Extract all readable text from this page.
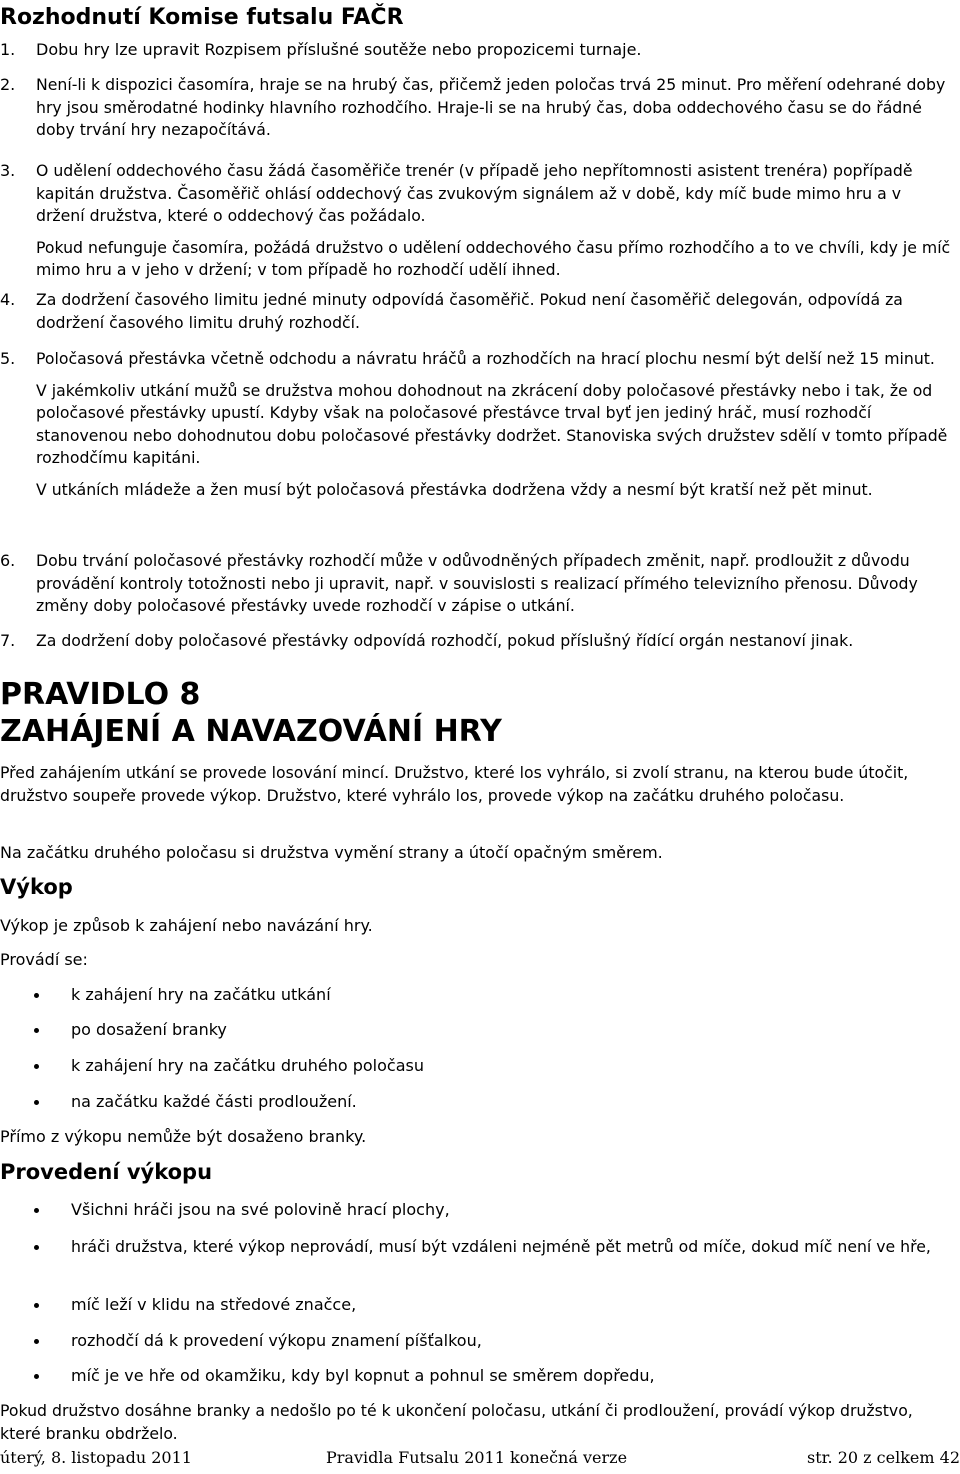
Rozhodnutí Komise futsalu FAČR
1. Dobu hry lze upravit Rozpisem příslušné soutěže nebo propozicemi turnaje.
2. Není-li k dispozici časomíra, hraje se na hrubý čas, přičemž jeden poločas trvá 25 minut. Pro měření odehrané doby hry jsou směrodatné hodinky hlavního rozhodčího. Hraje-li se na hrubý čas, doba oddechového času se do řádné doby trvání hry nezapočítává.
3. O udělení oddechového času žádá časoměřiče trenér (v případě jeho nepřítomnosti asistent trenéra) popřípadě kapitán družstva. Časoměřič ohlásí oddechový čas zvukovým signálem až v době, kdy míč bude mimo hru a v držení družstva, které o oddechový čas požádalo.
Pokud nefunguje časomíra, požádá družstvo o udělení oddechového času přímo rozhodčího a to ve chvíli, kdy je míč mimo hru a v jeho v držení; v tom případě ho rozhodčí udělí ihned.
4. Za dodržení časového limitu jedné minuty odpovídá časoměřič. Pokud není časoměřič delegován, odpovídá za dodržení časového limitu druhý rozhodčí.
5. Poločasová přestávka včetně odchodu a návratu hráčů a rozhodčích na hrací plochu nesmí být delší než 15 minut.
V jakémkoliv utkání mužů se družstva mohou dohodnout na zkrácení doby poločasové přestávky nebo i tak, že od poločasové přestávky upustí. Kdyby však na poločasové přestávce trval byť jen jediný hráč, musí rozhodčí stanovenou nebo dohodnutou dobu poločasové přestávky dodržet. Stanoviska svých družstev sdělí v tomto případě rozhodčímu kapitáni.
V utkáních mládeže a žen musí být poločasová přestávka dodržena vždy a nesmí být kratší než pět minut.
6. Dobu trvání poločasové přestávky rozhodčí může v odůvodněných případech změnit, např. prodloužit z důvodu provádění kontroly totožnosti nebo ji upravit, např. v souvislosti s realizací přímého televizního přenosu. Důvody změny doby poločasové přestávky uvede rozhodčí v zápise o utkání.
7. Za dodržení doby poločasové přestávky odpovídá rozhodčí, pokud příslušný řídící orgán nestanoví jinak.
PRAVIDLO 8
ZAHÁJENÍ A NAVAZOVÁNÍ HRY
Před zahájením utkání se provede losování mincí. Družstvo, které los vyhrálo, si zvolí stranu, na kterou bude útočit, družstvo soupeře provede výkop. Družstvo, které vyhrálo los, provede výkop na začátku druhého poločasu.
Na začátku druhého poločasu si družstva vymění strany a útočí opačným směrem.
Výkop
Výkop je způsob k zahájení nebo navázání hry.
Provádí se:
k zahájení hry na začátku utkání
po dosažení branky
k zahájení hry na začátku druhého poločasu
na začátku každé části prodloužení.
Přímo z výkopu nemůže být dosaženo branky.
Provedení výkopu
Všichni hráči jsou na své polovině hrací plochy,
hráči družstva, které výkop neprovádí, musí být vzdáleni nejméně pět metrů od míče, dokud míč není ve hře,
míč leží v klidu na středové značce,
rozhodčí dá k provedení výkopu znamení píšťalkou,
míč je ve hře od okamžiku, kdy byl kopnut a pohnul se směrem dopředu,
Pokud družstvo dosáhne branky a nedošlo po té k ukončení poločasu, utkání či prodloužení, provádí výkop družstvo, které branku obdrželo.
úterý, 8. listopadu 2011	Pravidla Futsalu 2011 konečná verze	str. 20 z celkem 42
